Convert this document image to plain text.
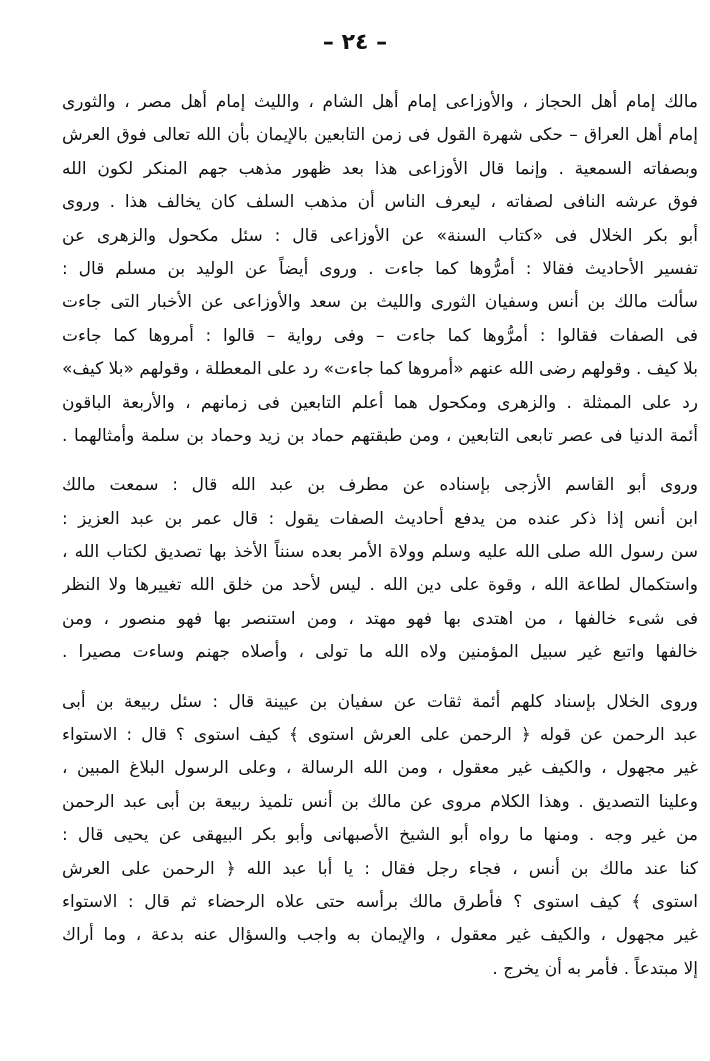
– ٢٤ –
مالك إمام أهل الحجاز ، والأوزاعى إمام أهل الشام ، والليث إمام أهل مصر ، والثورى
إمام أهل العراق – حكى شهرة القول فى زمن التابعين بالإيمان بأن الله تعالى فوق العرش
وبصفاته السمعية . وإنما قال الأوزاعى هذا بعد ظهور مذهب جهم المنكر لكون الله
فوق عرشه النافى لصفاته ، ليعرف الناس أن مذهب السلف كان يخالف هذا . وروى
أبو بكر الخلال فى «كتاب السنة» عن الأوزاعى قال : سئل مكحول والزهرى عن
تفسير الأحاديث فقالا : أمرُّوها كما جاءت . وروى أيضاً عن الوليد بن مسلم قال :
سألت مالك بن أنس وسفيان الثورى والليث بن سعد والأوزاعى عن الأخبار التى جاءت
فى الصفات فقالوا : أمرُّوها كما جاءت – وفى رواية – قالوا : أمروها كما جاءت
بلا كيف . وقولهم رضى الله عنهم «أمروها كما جاءت» رد على المعطلة ، وقولهم «بلا كيف»
رد على الممثلة . والزهرى ومكحول هما أعلم التابعين فى زمانهم ، والأربعة الباقون
أئمة الدنيا فى عصر تابعى التابعين ، ومن طبقتهم حماد بن زيد وحماد بن سلمة وأمثالهما .
وروى أبو القاسم الأزجى بإسناده عن مطرف بن عبد الله قال : سمعت مالك
ابن أنس إذا ذكر عنده من يدفع أحاديث الصفات يقول : قال عمر بن عبد العزيز :
سن رسول الله صلى الله عليه وسلم وولاة الأمر بعده سنناً الأخذ بها تصديق لكتاب الله ،
واستكمال لطاعة الله ، وقوة على دين الله . ليس لأحد من خلق الله تغييرها ولا النظر
فى شىء خالفها ، من اهتدى بها فهو مهتد ، ومن استنصر بها فهو منصور ، ومن
خالفها واتبع غير سبيل المؤمنين ولاه الله ما تولى ، وأصلاه جهنم وساءت مصيرا .
وروى الخلال بإسناد كلهم أئمة ثقات عن سفيان بن عيينة قال : سئل ربيعة بن أبى
عبد الرحمن عن قوله ﴿ الرحمن على العرش استوى ﴾ كيف استوى ؟ قال : الاستواء
غير مجهول ، والكيف غير معقول ، ومن الله الرسالة ، وعلى الرسول البلاغ المبين ،
وعلينا التصديق . وهذا الكلام مروى عن مالك بن أنس تلميذ ربيعة بن أبى عبد الرحمن
من غير وجه . ومنها ما رواه أبو الشيخ الأصبهانى وأبو بكر البيهقى عن يحيى قال :
كنا عند مالك بن أنس ، فجاء رجل فقال : يا أبا عبد الله ﴿ الرحمن على العرش
استوى ﴾ كيف استوى ؟ فأطرق مالك برأسه حتى علاه الرحضاء ثم قال : الاستواء
غير مجهول ، والكيف غير معقول ، والإيمان به واجب والسؤال عنه بدعة ، وما أراك
إلا مبتدعاً . فأمر به أن يخرج .
